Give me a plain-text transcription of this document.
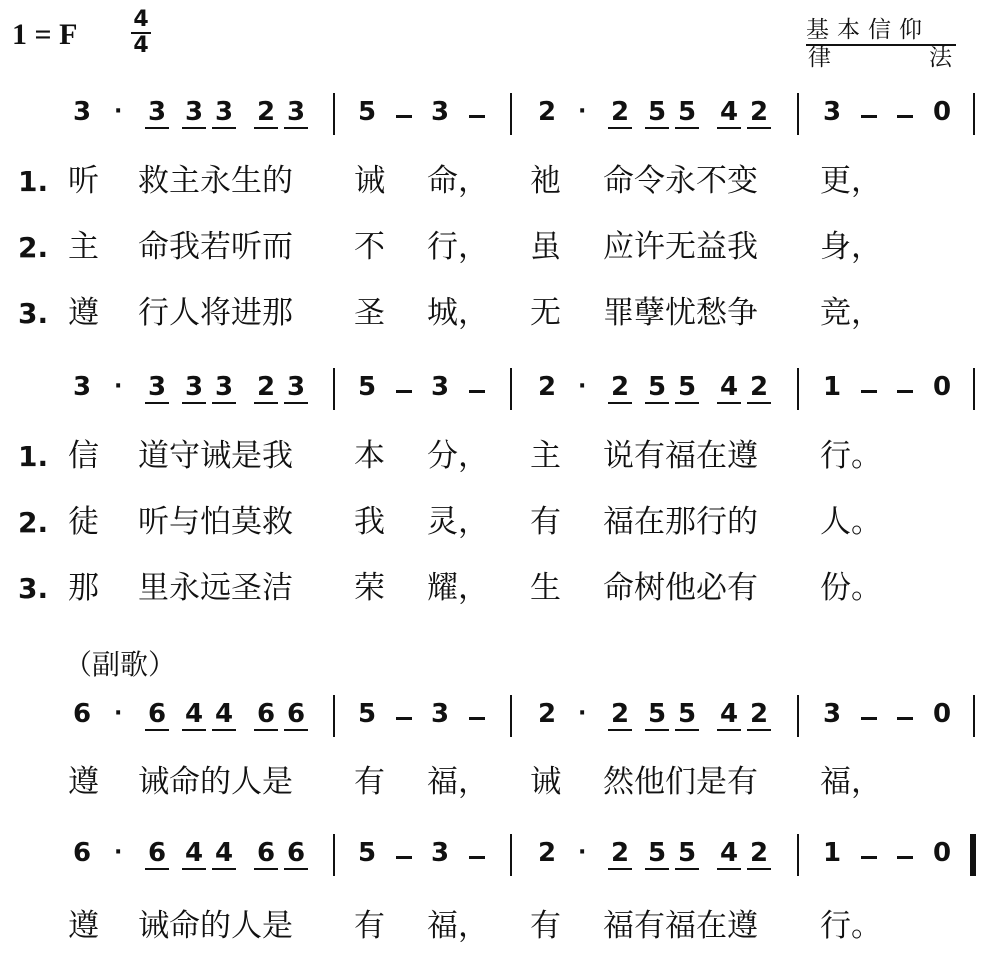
1 = F	4
4
基本信仰
律	法
（副歌）
3 · 3 3 3 2 3 5 3	2 · 2 5 5 4 2 3	0
3 · 3 3 3 2 3 5 3	2 · 2 5 5 4 2 1	0
6 · 6 4 4 6 6 5 3	2 · 2 5 5 4 2 3	0
6 · 6 4 4 6 6 5 3	2 · 2 5 5 4 2 1	0
1. 听 救主永生的 诫 命， 祂 命令永不变 更，
2. 主 命我若听而 不 行， 虽 应许无益我 身，
3. 遵 行人将进那 圣 城， 无 罪孽忧愁争 竞，
1. 信 道守诫是我 本 分， 主 说有福在遵 行。
2. 徒 听与怕莫救 我 灵， 有 福在那行的 人。
3. 那 里永远圣洁 荣 耀， 生 命树他必有 份。
遵 诫命的人是 有 福， 诫 然他们是有 福，
遵 诫命的人是 有 福， 有 福有福在遵 行。
